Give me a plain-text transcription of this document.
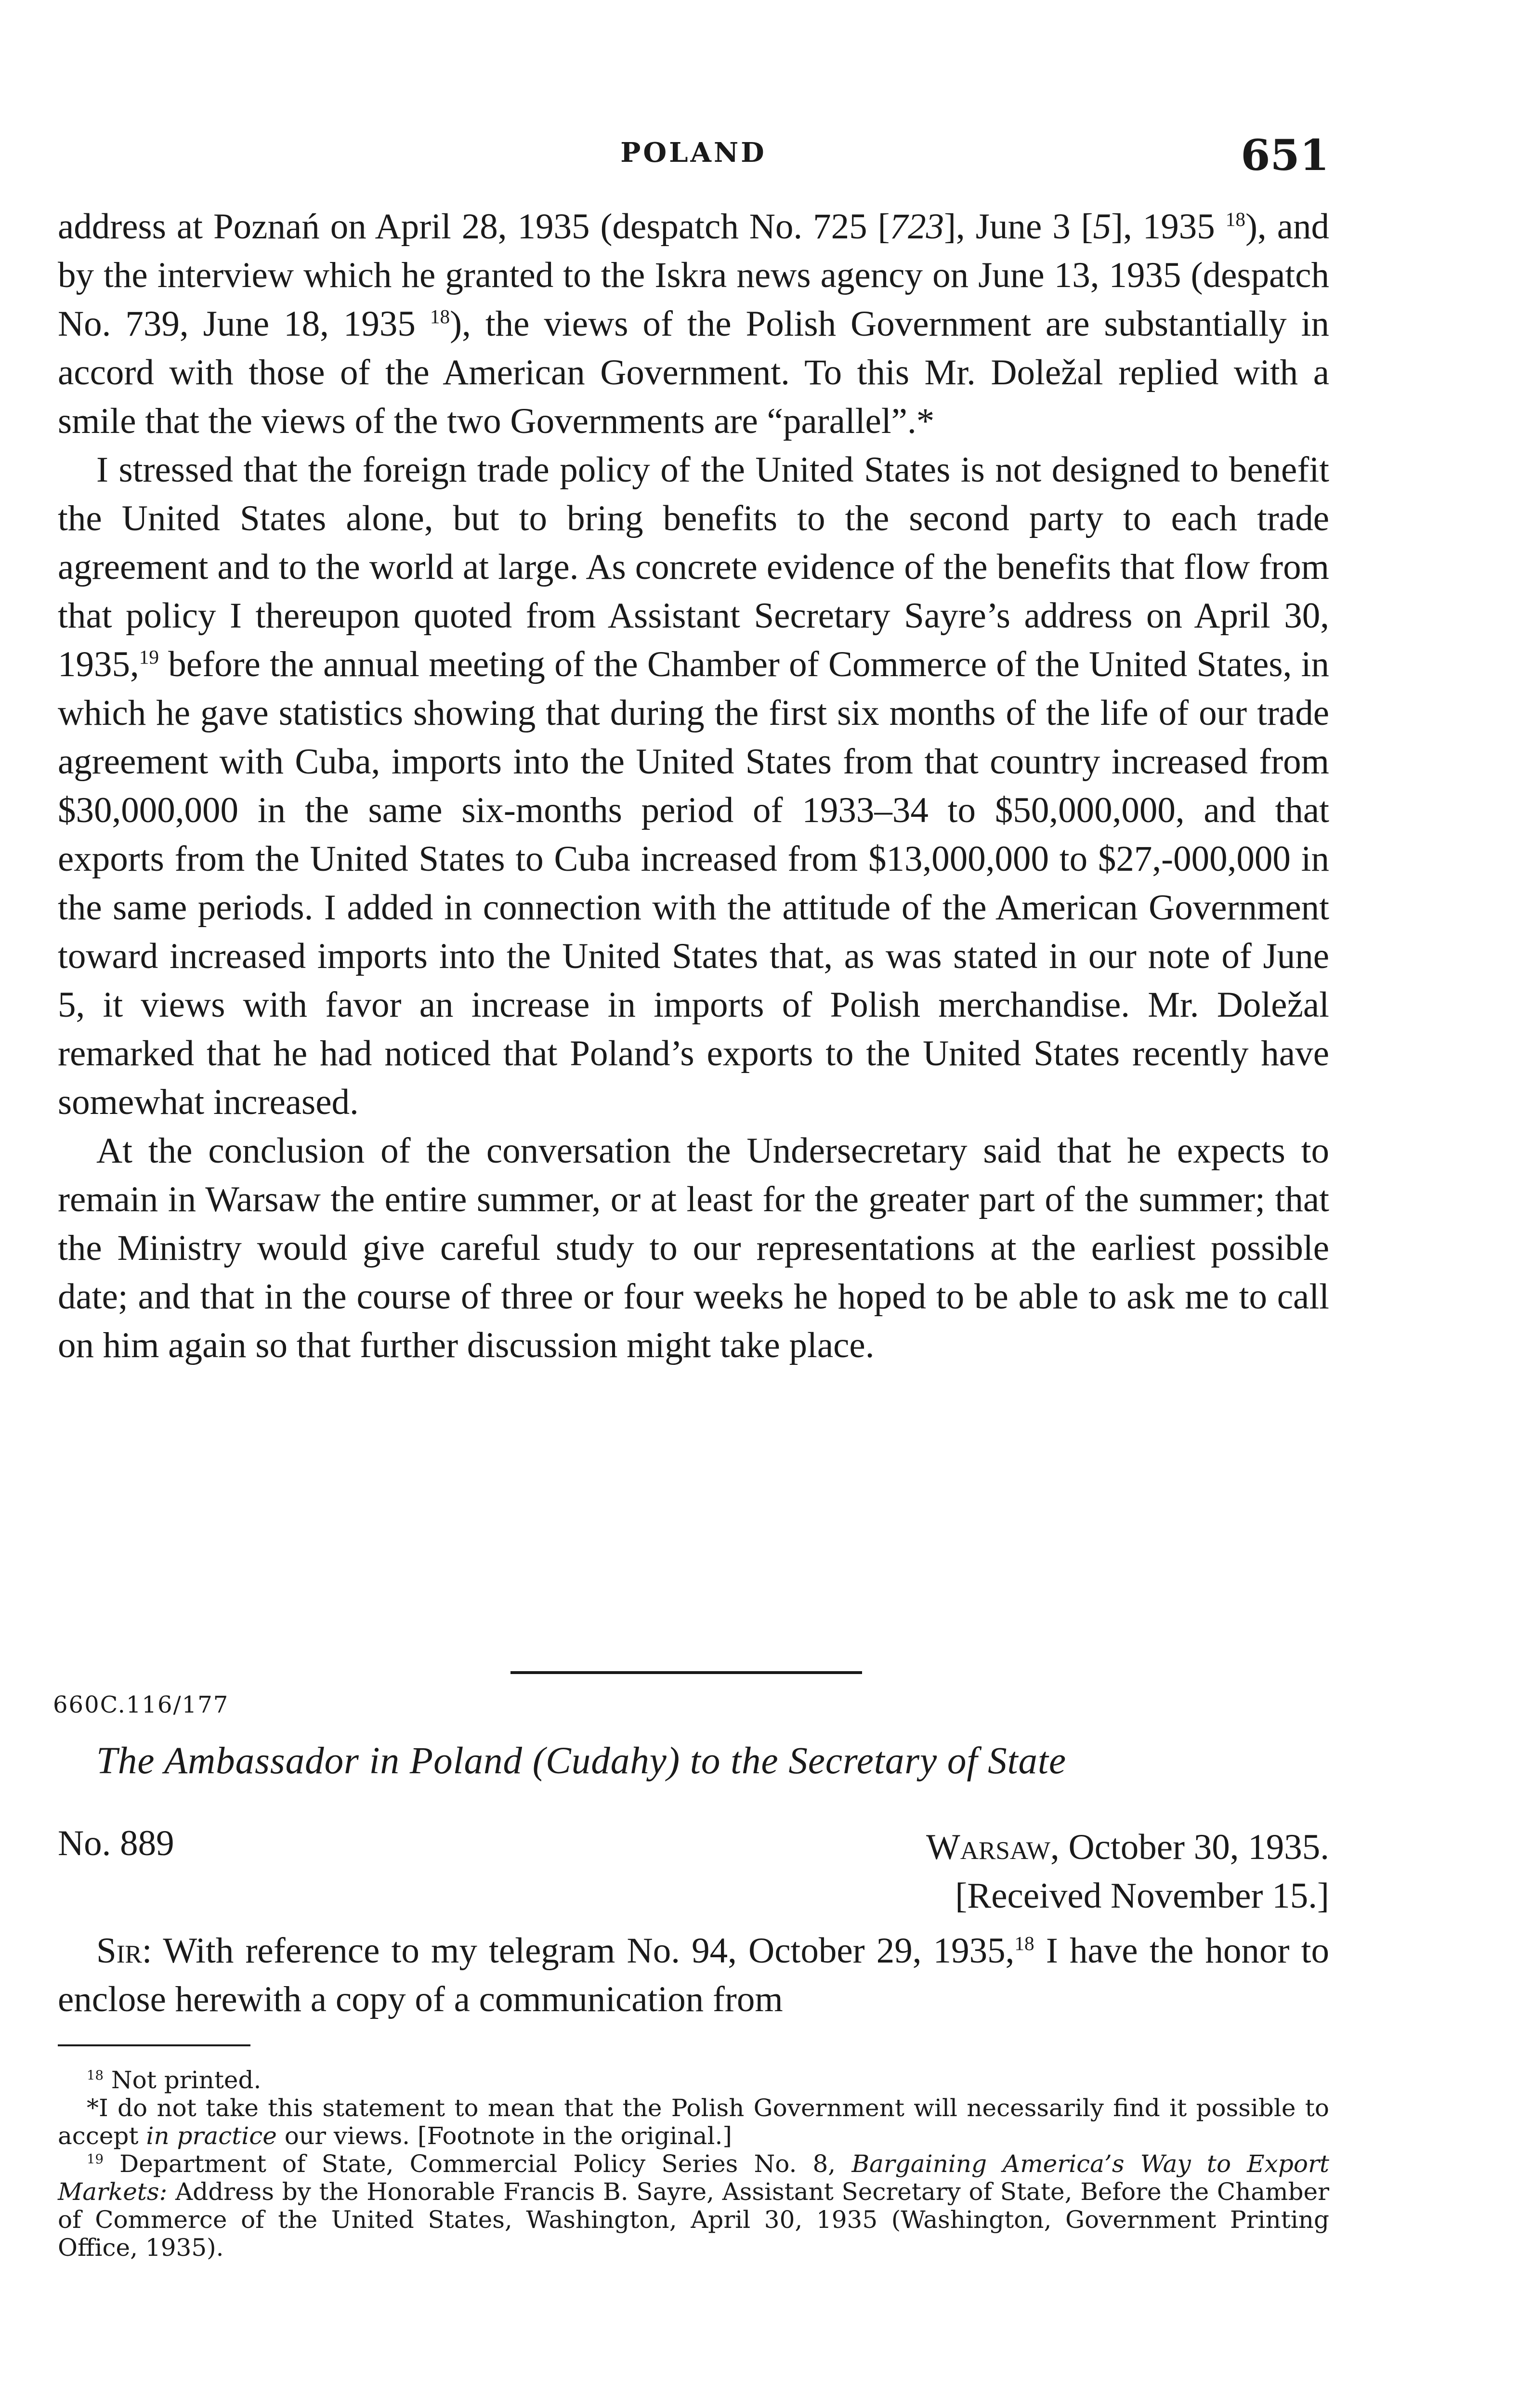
POLAND	651

address at Poznań on April 28, 1935 (despatch No. 725 [723], June 3 [5], 1935 $^{18}$), and by the interview which he granted to the Iskra news agency on June 13, 1935 (despatch No. 739, June 18, 1935 $^{18}$), the views of the Polish Government are substantially in accord with those of the American Government. To this Mr. Doležal replied with a smile that the views of the two Governments are “parallel”.*

I stressed that the foreign trade policy of the United States is not designed to benefit the United States alone, but to bring benefits to the second party to each trade agreement and to the world at large. As concrete evidence of the benefits that flow from that policy I thereupon quoted from Assistant Secretary Sayre’s address on April 30, 1935,19 before the annual meeting of the Chamber of Commerce of the United States, in which he gave statistics showing that during the first six months of the life of our trade agreement with Cuba, imports into the United States from that country increased from $30,000,000 in the same six-months period of 1933–34 to $50,000,000, and that exports from the United States to Cuba increased from $13,000,000 to $27,-000,000 in the same periods. I added in connection with the attitude of the American Government toward increased imports into the United States that, as was stated in our note of June 5, it views with favor an increase in imports of Polish merchandise. Mr. Doležal remarked that he had noticed that Poland’s exports to the United States recently have somewhat increased.

At the conclusion of the conversation the Undersecretary said that he expects to remain in Warsaw the entire summer, or at least for the greater part of the summer; that the Ministry would give careful study to our representations at the earliest possible date; and that in the course of three or four weeks he hoped to be able to ask me to call on him again so that further discussion might take place.

660C.116/177
The Ambassador in Poland (Cudahy) to the Secretary of State
No. 889	Warsaw, October 30, 1935.
[Received November 15.]

Sir: With reference to my telegram No. 94, October 29, 1935,18 I have the honor to enclose herewith a copy of a communication from

$^{18}$ Not printed.

*I do not take this statement to mean that the Polish Government will necessarily find it possible to accept in practice our views. [Footnote in the original.]

$^{19}$ Department of State, Commercial Policy Series No. 8, Bargaining America’s Way to Export Markets: Address by the Honorable Francis B. Sayre, Assistant Secretary of State, Before the Chamber of Commerce of the United States, Washington, April 30, 1935 (Washington, Government Printing Office, 1935).
